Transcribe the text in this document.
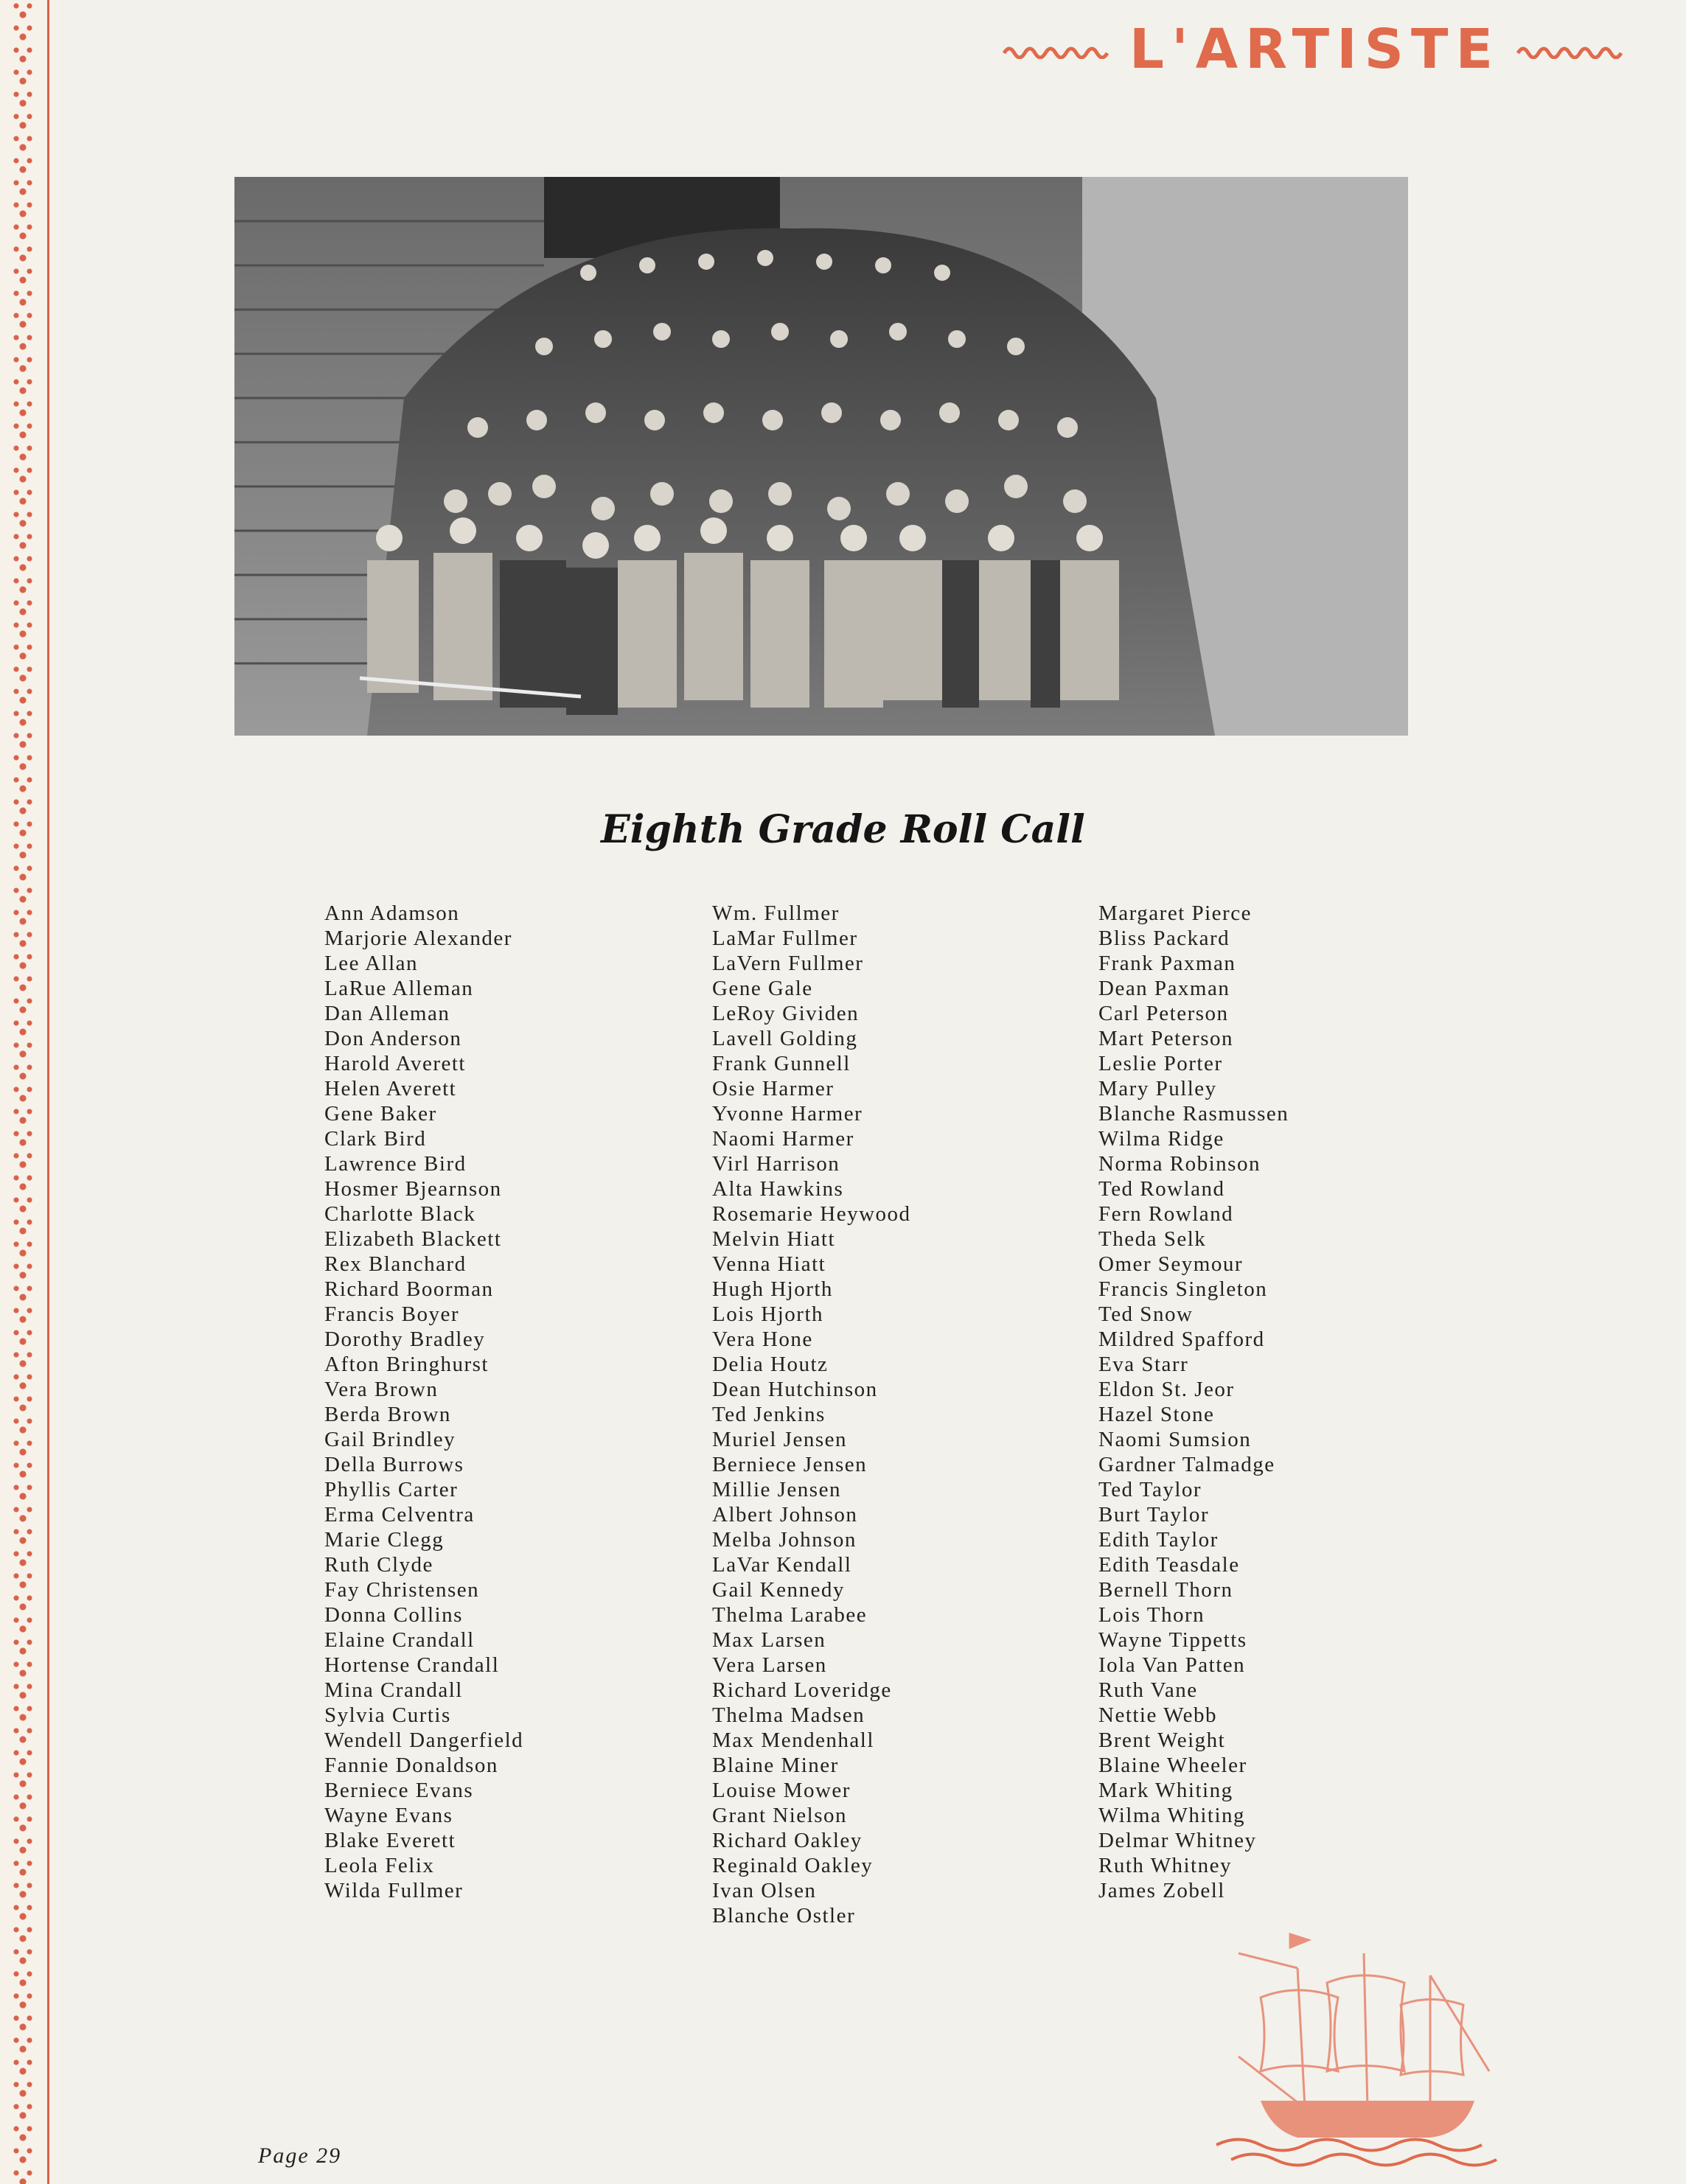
L'ARTISTE
Eighth Grade Roll Call
Ann Adamson
Marjorie Alexander
Lee Allan
LaRue Alleman
Dan Alleman
Don Anderson
Harold Averett
Helen Averett
Gene Baker
Clark Bird
Lawrence Bird
Hosmer Bjearnson
Charlotte Black
Elizabeth Blackett
Rex Blanchard
Richard Boorman
Francis Boyer
Dorothy Bradley
Afton Bringhurst
Vera Brown
Berda Brown
Gail Brindley
Della Burrows
Phyllis Carter
Erma Celventra
Marie Clegg
Ruth Clyde
Fay Christensen
Donna Collins
Elaine Crandall
Hortense Crandall
Mina Crandall
Sylvia Curtis
Wendell Dangerfield
Fannie Donaldson
Berniece Evans
Wayne Evans
Blake Everett
Leola Felix
Wilda Fullmer
Wm. Fullmer
LaMar Fullmer
LaVern Fullmer
Gene Gale
LeRoy Gividen
Lavell Golding
Frank Gunnell
Osie Harmer
Yvonne Harmer
Naomi Harmer
Virl Harrison
Alta Hawkins
Rosemarie Heywood
Melvin Hiatt
Venna Hiatt
Hugh Hjorth
Lois Hjorth
Vera Hone
Delia Houtz
Dean Hutchinson
Ted Jenkins
Muriel Jensen
Berniece Jensen
Millie Jensen
Albert Johnson
Melba Johnson
LaVar Kendall
Gail Kennedy
Thelma Larabee
Max Larsen
Vera Larsen
Richard Loveridge
Thelma Madsen
Max Mendenhall
Blaine Miner
Louise Mower
Grant Nielson
Richard Oakley
Reginald Oakley
Ivan Olsen
Blanche Ostler
Margaret Pierce
Bliss Packard
Frank Paxman
Dean Paxman
Carl Peterson
Mart Peterson
Leslie Porter
Mary Pulley
Blanche Rasmussen
Wilma Ridge
Norma Robinson
Ted Rowland
Fern Rowland
Theda Selk
Omer Seymour
Francis Singleton
Ted Snow
Mildred Spafford
Eva Starr
Eldon St. Jeor
Hazel Stone
Naomi Sumsion
Gardner Talmadge
Ted Taylor
Burt Taylor
Edith Taylor
Edith Teasdale
Bernell Thorn
Lois Thorn
Wayne Tippetts
Iola Van Patten
Ruth Vane
Nettie Webb
Brent Weight
Blaine Wheeler
Mark Whiting
Wilma Whiting
Delmar Whitney
Ruth Whitney
James Zobell
Page 29
